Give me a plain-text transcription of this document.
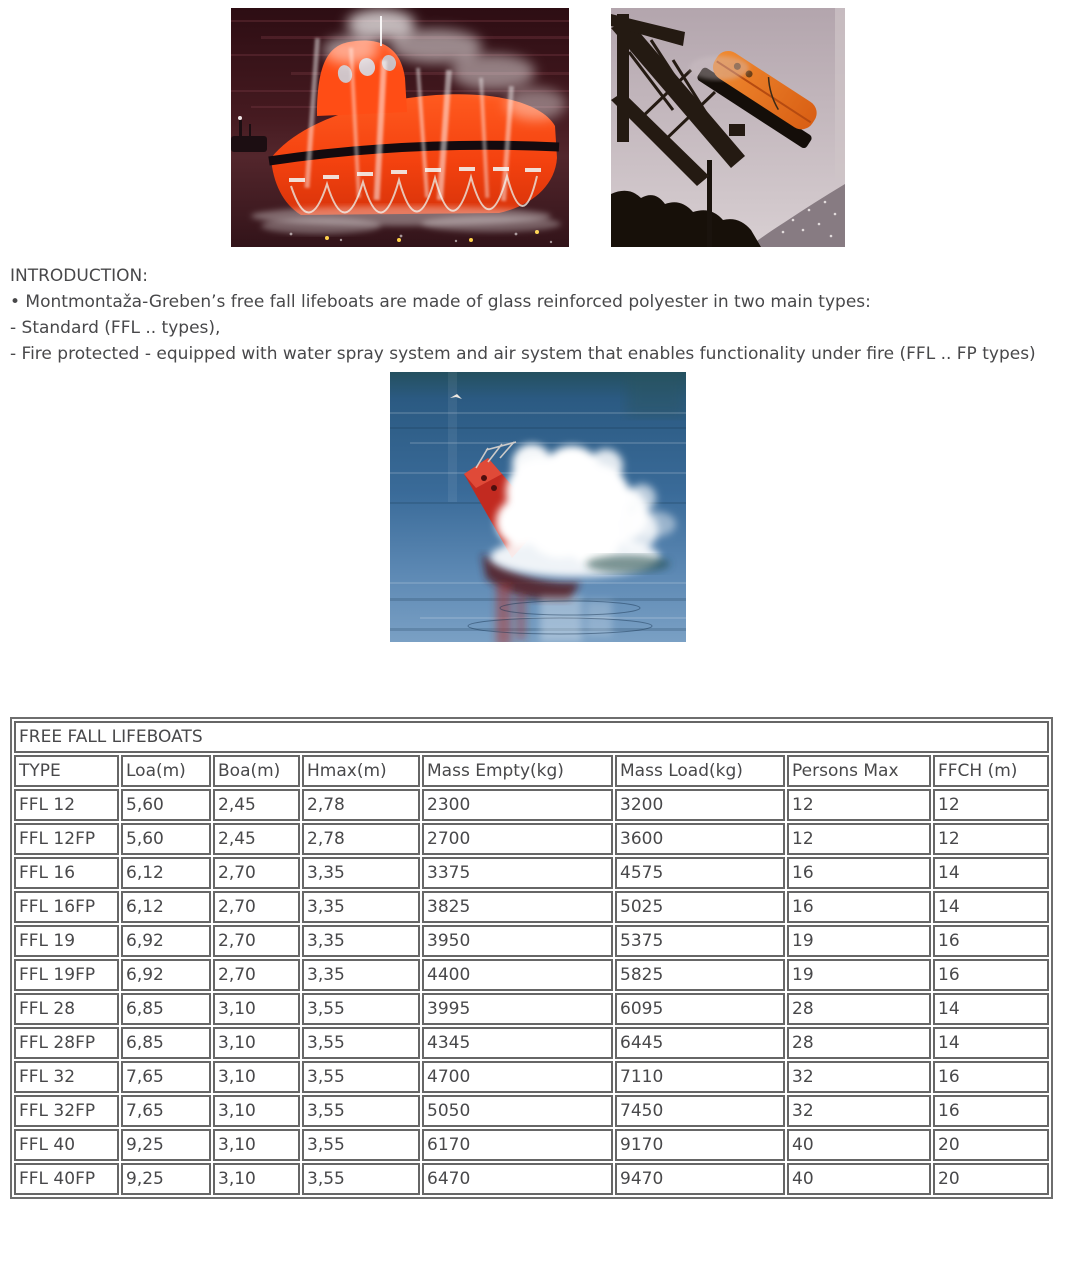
INTRODUCTION:

• Montmontaža-Greben’s free fall lifeboats are made of glass reinforced polyester in two main types:

- Standard (FFL .. types),

- Fire protected - equipped with water spray system and air system that enables functionality under fire (FFL .. FP types)

FREE FALL LIFEBOATS							
TYPE	Loa(m)	Boa(m)	Hmax(m)	Mass Empty(kg)	Mass Load(kg)	Persons Max	FFCH (m)
FFL 12	5,60	2,45	2,78	2300	3200	12	12
FFL 12FP	5,60	2,45	2,78	2700	3600	12	12
FFL 16	6,12	2,70	3,35	3375	4575	16	14
FFL 16FP	6,12	2,70	3,35	3825	5025	16	14
FFL 19	6,92	2,70	3,35	3950	5375	19	16
FFL 19FP	6,92	2,70	3,35	4400	5825	19	16
FFL 28	6,85	3,10	3,55	3995	6095	28	14
FFL 28FP	6,85	3,10	3,55	4345	6445	28	14
FFL 32	7,65	3,10	3,55	4700	7110	32	16
FFL 32FP	7,65	3,10	3,55	5050	7450	32	16
FFL 40	9,25	3,10	3,55	6170	9170	40	20
FFL 40FP	9,25	3,10	3,55	6470	9470	40	20
